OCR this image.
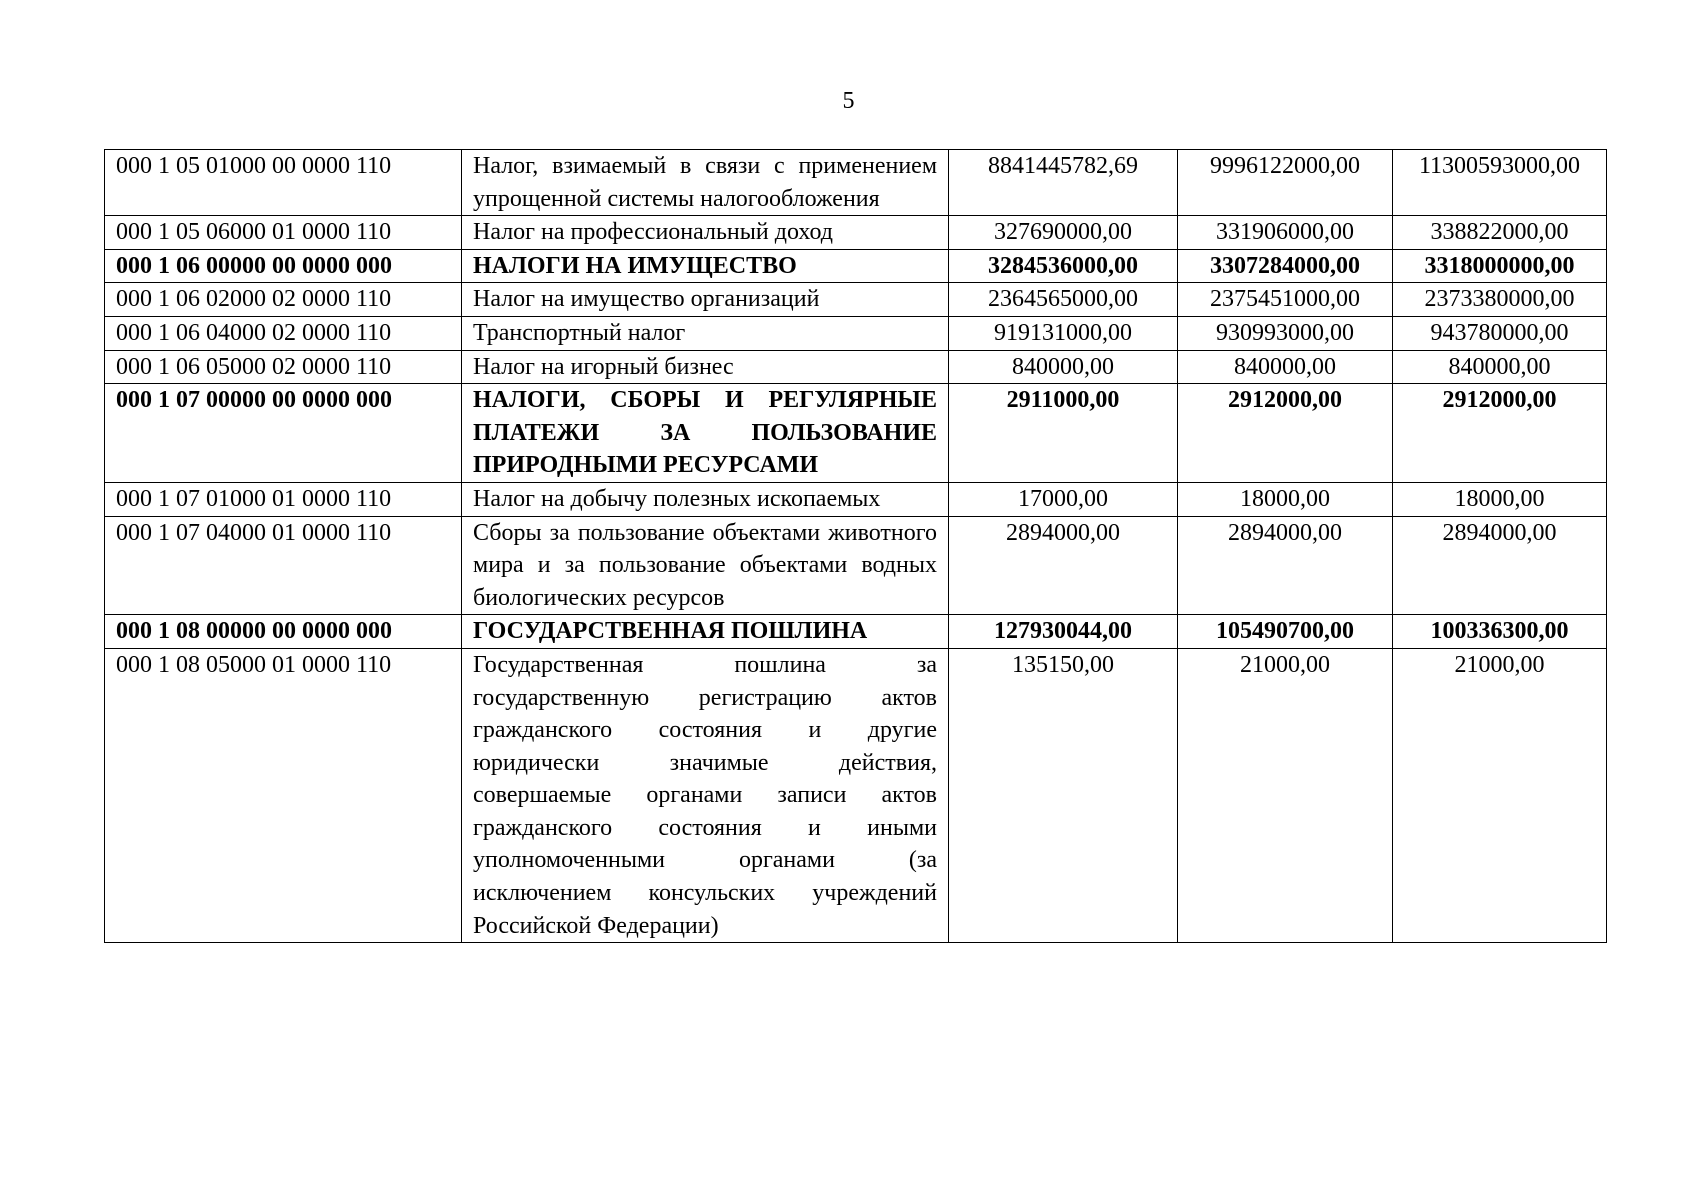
5
000 1 05 01000 00 0000 110	Налог, взимаемый в связи с применением упрощенной системы налогообложения	8841445782,69	9996122000,00	11300593000,00
000 1 05 06000 01 0000 110	Налог на профессиональный доход	327690000,00	331906000,00	338822000,00
000 1 06 00000 00 0000 000	НАЛОГИ НА ИМУЩЕСТВО	3284536000,00	3307284000,00	3318000000,00
000 1 06 02000 02 0000 110	Налог на имущество организаций	2364565000,00	2375451000,00	2373380000,00
000 1 06 04000 02 0000 110	Транспортный налог	919131000,00	930993000,00	943780000,00
000 1 06 05000 02 0000 110	Налог на игорный бизнес	840000,00	840000,00	840000,00
000 1 07 00000 00 0000 000	НАЛОГИ, СБОРЫ И РЕГУЛЯРНЫЕ ПЛАТЕЖИ ЗА ПОЛЬЗОВАНИЕ ПРИРОДНЫМИ РЕСУРСАМИ	2911000,00	2912000,00	2912000,00
000 1 07 01000 01 0000 110	Налог на добычу полезных ископаемых	17000,00	18000,00	18000,00
000 1 07 04000 01 0000 110	Сборы за пользование объектами животного мира и за пользование объектами водных биологических ресурсов	2894000,00	2894000,00	2894000,00
000 1 08 00000 00 0000 000	ГОСУДАРСТВЕННАЯ ПОШЛИНА	127930044,00	105490700,00	100336300,00
000 1 08 05000 01 0000 110	Государственная пошлина за государственную регистрацию актов гражданского состояния и другие юридически значимые действия, совершаемые органами записи актов гражданского состояния и иными уполномоченными органами (за исключением консульских учреждений Российской Федерации)	135150,00	21000,00	21000,00
